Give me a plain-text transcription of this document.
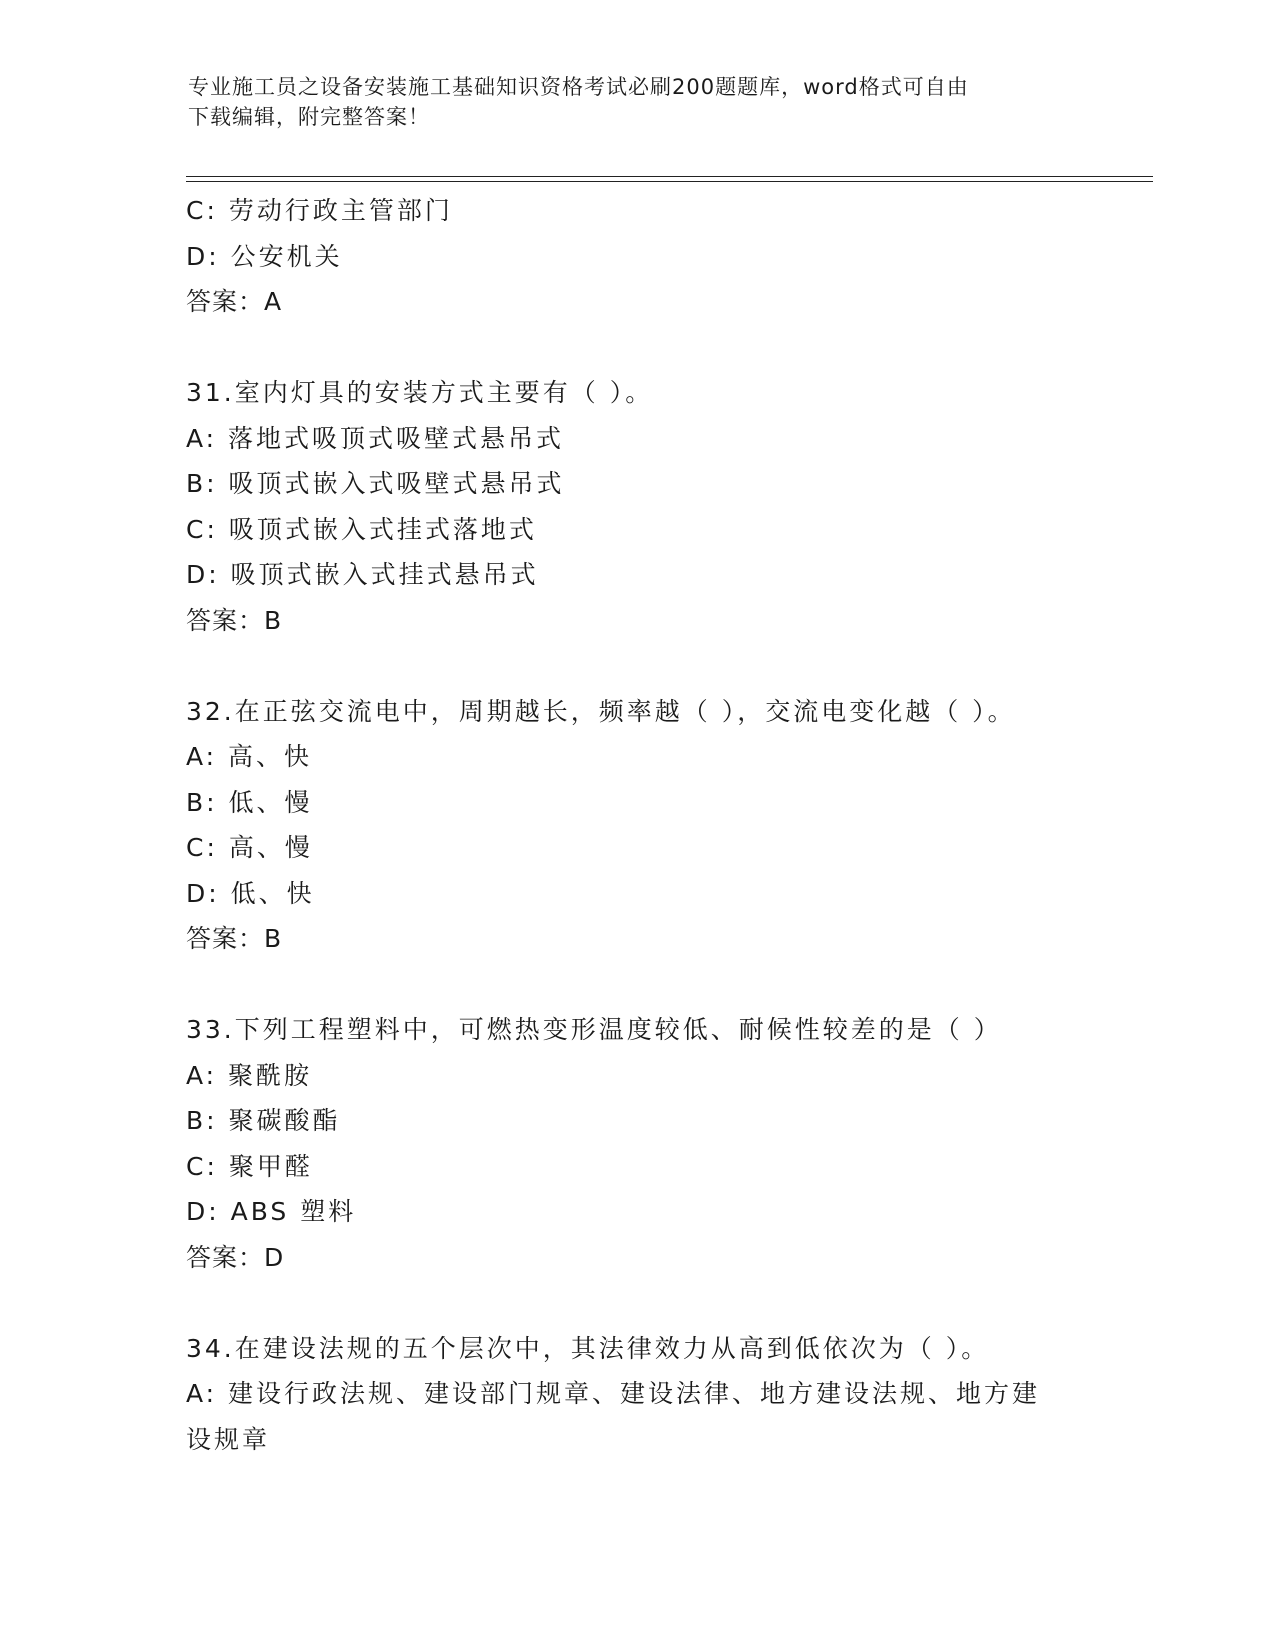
专业施工员之设备安装施工基础知识资格考试必刷200题题库，word格式可自由
下载编辑，附完整答案！
C: 劳动行政主管部门
D: 公安机关
答案：A
31.室内灯具的安装方式主要有（ ）。
A: 落地式吸顶式吸壁式悬吊式
B: 吸顶式嵌入式吸壁式悬吊式
C: 吸顶式嵌入式挂式落地式
D: 吸顶式嵌入式挂式悬吊式
答案：B
32.在正弦交流电中，周期越长，频率越（ ），交流电变化越（ ）。
A: 高、快
B: 低、慢
C: 高、慢
D: 低、快
答案：B
33.下列工程塑料中，可燃热变形温度较低、耐候性较差的是（ ）
A: 聚酰胺
B: 聚碳酸酯
C: 聚甲醛
D: ABS 塑料
答案：D
34.在建设法规的五个层次中，其法律效力从高到低依次为（ ）。
A: 建设行政法规、建设部门规章、建设法律、地方建设法规、地方建
设规章
